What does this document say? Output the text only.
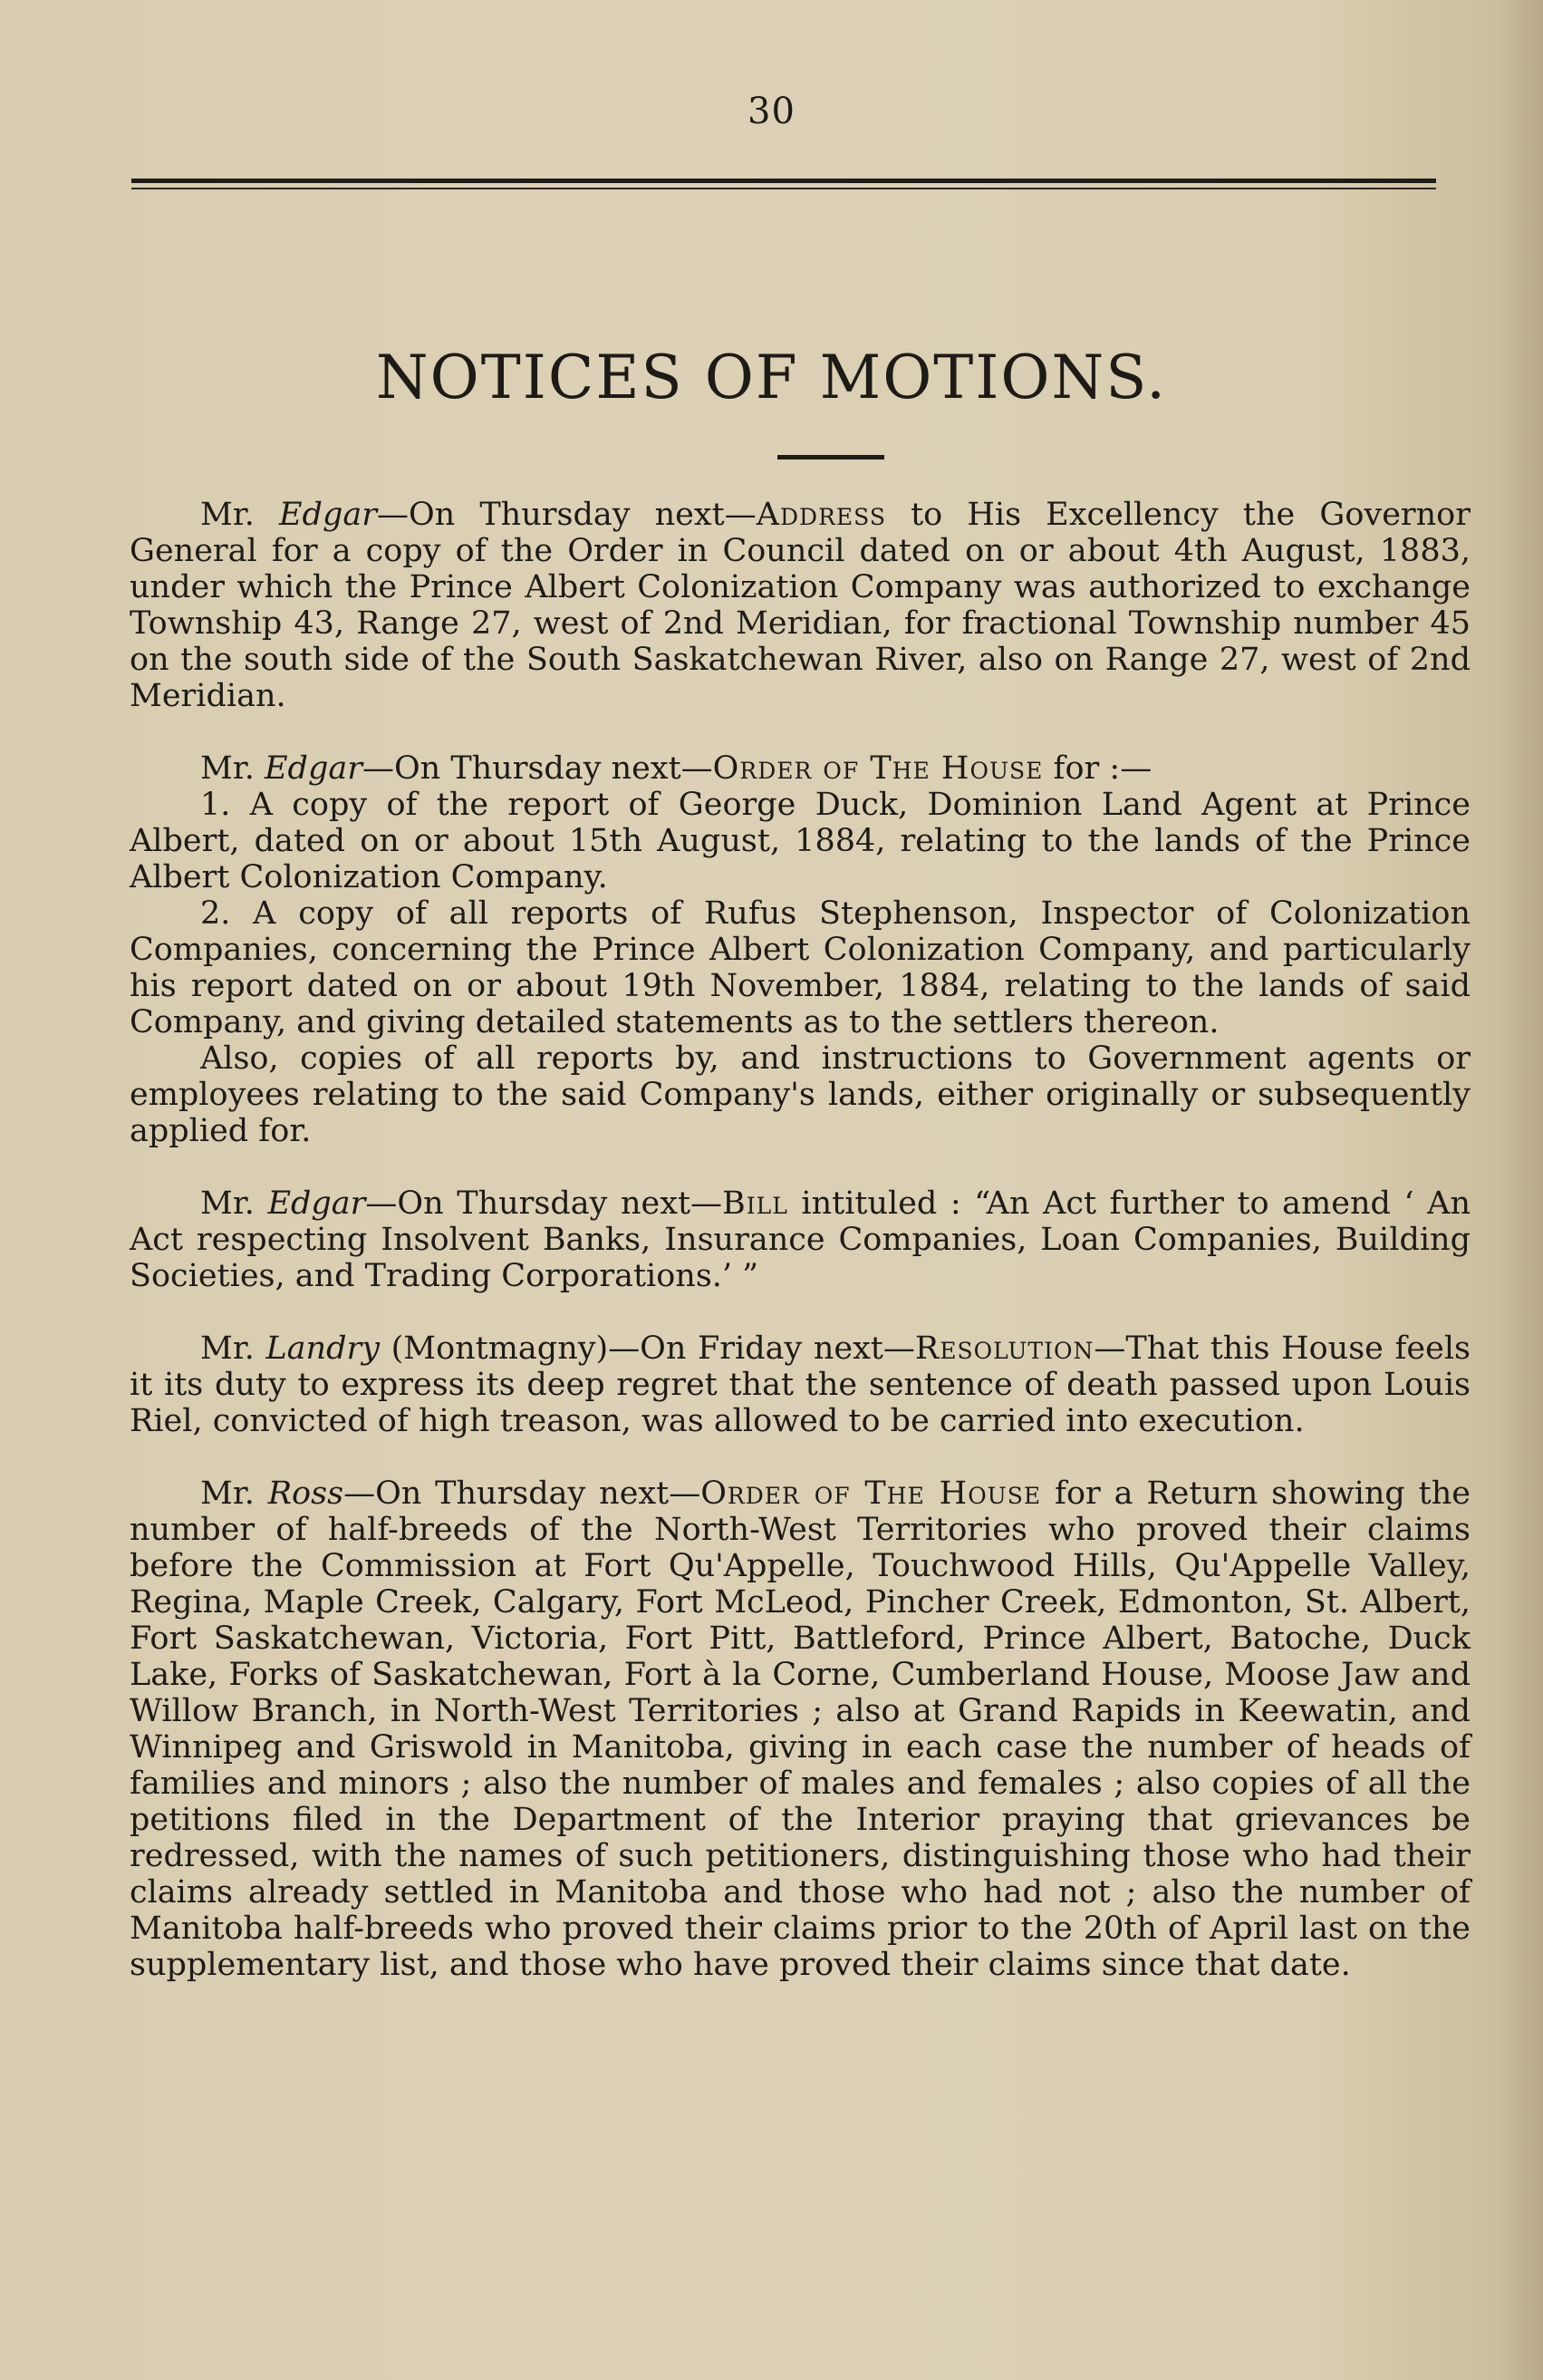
30
NOTICES OF MOTIONS.

Mr. Edgar—On Thursday next—Address to His Excellency the Governor General for a copy of the Order in Council dated on or about 4th August, 1883, under which the Prince Albert Colonization Company was authorized to exchange Township 43, Range 27, west of 2nd Meridian, for fractional Township number 45 on the south side of the South Saskatchewan River, also on Range 27, west of 2nd Meridian.

Mr. Edgar—On Thursday next—Order of The House for :—

1. A copy of the report of George Duck, Dominion Land Agent at Prince Albert, dated on or about 15th August, 1884, relating to the lands of the Prince Albert Colonization Company.

2. A copy of all reports of Rufus Stephenson, Inspector of Colonization Companies, concerning the Prince Albert Colonization Company, and particularly his report dated on or about 19th November, 1884, relating to the lands of said Company, and giving detailed statements as to the settlers thereon.

Also, copies of all reports by, and instructions to Government agents or employees relating to the said Company's lands, either originally or subsequently applied for.

Mr. Edgar—On Thursday next—Bill intituled : “An Act further to amend ‘ An Act respecting Insolvent Banks, Insurance Companies, Loan Companies, Building Societies, and Trading Corporations.’ ”

Mr. Landry (Montmagny)—On Friday next—Resolution—That this House feels it its duty to express its deep regret that the sentence of death passed upon Louis Riel, convicted of high treason, was allowed to be carried into execution.

Mr. Ross—On Thursday next—Order of The House for a Return showing the number of half-breeds of the North-West Territories who proved their claims before the Commission at Fort Qu'Appelle, Touchwood Hills, Qu'Appelle Valley, Regina, Maple Creek, Calgary, Fort McLeod, Pincher Creek, Edmonton, St. Albert, Fort Saskatchewan, Victoria, Fort Pitt, Battleford, Prince Albert, Batoche, Duck Lake, Forks of Saskatchewan, Fort à la Corne, Cumberland House, Moose Jaw and Willow Branch, in North-West Territories ; also at Grand Rapids in Keewatin, and Winnipeg and Griswold in Manitoba, giving in each case the number of heads of families and minors ; also the number of males and females ; also copies of all the petitions filed in the Department of the Interior praying that grievances be redressed, with the names of such petitioners, distinguishing those who had their claims already settled in Manitoba and those who had not ; also the number of Manitoba half-breeds who proved their claims prior to the 20th of April last on the supplementary list, and those who have proved their claims since that date.
